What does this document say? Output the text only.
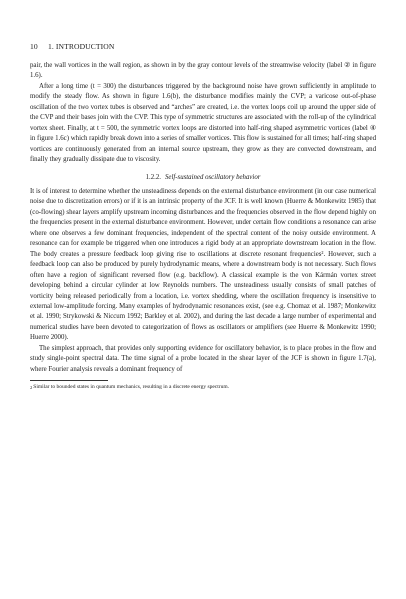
10 1. INTRODUCTION

pair, the wall vortices in the wall region, as shown in by the gray contour levels of the streamwise velocity (label ② in figure 1.6).

After a long time (t = 300) the disturbances triggered by the background noise have grown sufficiently in amplitude to modify the steady flow. As shown in figure 1.6(b), the disturbance modifies mainly the CVP; a varicose out-of-phase oscillation of the two vortex tubes is observed and “arches” are created, i.e. the vortex loops coil up around the upper side of the CVP and their bases join with the CVP. This type of symmetric structures are associated with the roll-up of the cylindrical vortex sheet. Finally, at t = 500, the symmetric vortex loops are distorted into half-ring shaped asymmetric vortices (label ④ in figure 1.6c) which rapidly break down into a series of smaller vortices. This flow is sustained for all times; half-ring shaped vortices are continuously generated from an internal source upstream, they grow as they are convected downstream, and finally they gradually dissipate due to viscosity.

1.2.2. Self-sustained oscillatory behavior

It is of interest to determine whether the unsteadiness depends on the external disturbance environment (in our case numerical noise due to discretization errors) or if it is an intrinsic property of the JCF. It is well known (Huerre & Monkewitz 1985) that (co-flowing) shear layers amplify upstream incoming disturbances and the frequencies observed in the flow depend highly on the frequencies present in the external disturbance environment. However, under certain flow conditions a resonance can arise where one observes a few dominant frequencies, independent of the spectral content of the noisy outside environment. A resonance can for example be triggered when one introduces a rigid body at an appropriate downstream location in the flow. The body creates a pressure feedback loop giving rise to oscillations at discrete resonant frequencies². However, such a feedback loop can also be produced by purely hydrodynamic means, where a downstream body is not necessary. Such flows often have a region of significant reversed flow (e.g. backflow). A classical example is the von Kármán vortex street developing behind a circular cylinder at low Reynolds numbers. The unsteadiness usually consists of small patches of vorticity being released periodically from a location, i.e. vortex shedding, where the oscillation frequency is insensitive to external low-amplitude forcing. Many examples of hydrodynamic resonances exist, (see e.g. Chomaz et al. 1987; Monkewitz et al. 1990; Strykowski & Niccum 1992; Barkley et al. 2002), and during the last decade a large number of experimental and numerical studies have been devoted to categorization of flows as oscillators or amplifiers (see Huerre & Monkewitz 1990; Huerre 2000).

The simplest approach, that provides only supporting evidence for oscillatory behavior, is to place probes in the flow and study single-point spectral data. The time signal of a probe located in the shear layer of the JCF is shown in figure 1.7(a), where Fourier analysis reveals a dominant frequency of

$^2$Similar to bounded states in quantum mechanics, resulting in a discrete energy spectrum.
